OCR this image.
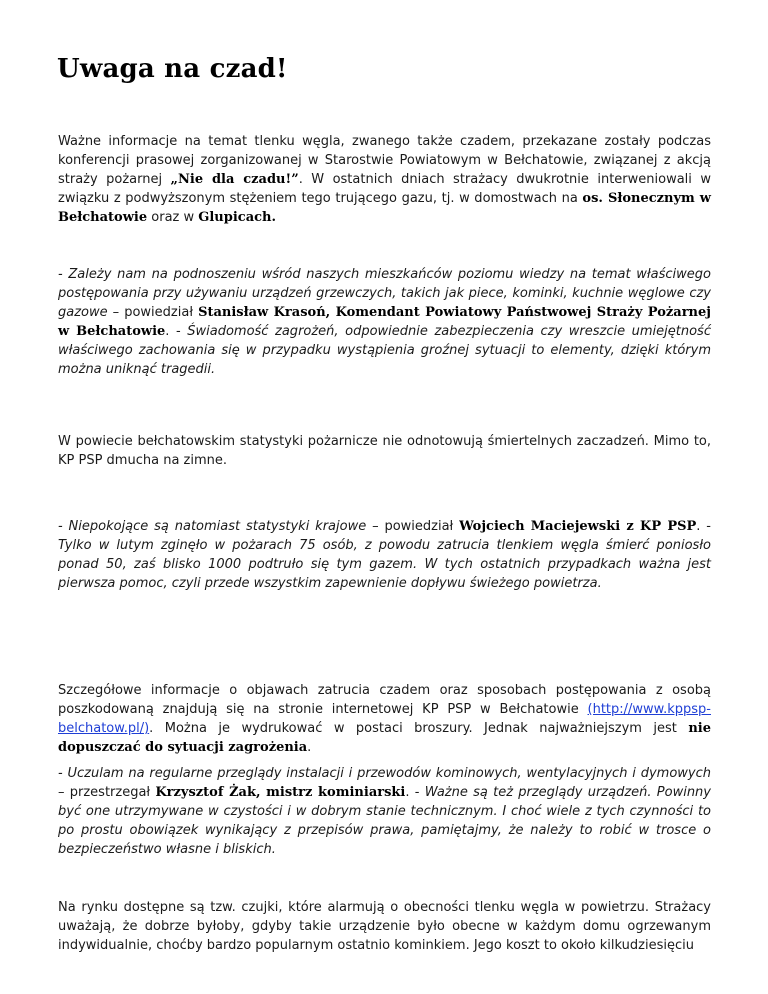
Uwaga na czad!

Ważne informacje na temat tlenku węgla, zwanego także czadem, przekazane zostały podczas konferencji prasowej zorganizowanej w Starostwie Powiatowym w Bełchatowie, związanej z akcją straży pożarnej „Nie dla czadu!”. W ostatnich dniach strażacy dwukrotnie interweniowali w związku z podwyższonym stężeniem tego trującego gazu, tj. w domostwach na os. Słonecznym w Bełchatowie oraz w Glupicach.

- Zależy nam na podnoszeniu wśród naszych mieszkańców poziomu wiedzy na temat właściwego postępowania przy używaniu urządzeń grzewczych, takich jak piece, kominki, kuchnie węglowe czy gazowe – powiedział Stanisław Krasoń, Komendant Powiatowy Państwowej Straży Pożarnej w Bełchatowie. - Świadomość zagrożeń, odpowiednie zabezpieczenia czy wreszcie umiejętność właściwego zachowania się w przypadku wystąpienia groźnej sytuacji to elementy, dzięki którym można uniknąć tragedii.

W powiecie bełchatowskim statystyki pożarnicze nie odnotowują śmiertelnych zaczadzeń. Mimo to, KP PSP dmucha na zimne.

- Niepokojące są natomiast statystyki krajowe – powiedział Wojciech Maciejewski z KP PSP. - Tylko w lutym zginęło w pożarach 75 osób, z powodu zatrucia tlenkiem węgla śmierć poniosło ponad 50, zaś blisko 1000 podtruło się tym gazem. W tych ostatnich przypadkach ważna jest pierwsza pomoc, czyli przede wszystkim zapewnienie dopływu świeżego powietrza.

Szczegółowe informacje o objawach zatrucia czadem oraz sposobach postępowania z osobą poszkodowaną znajdują się na stronie internetowej KP PSP w Bełchatowie (http://www.kppsp-belchatow.pl/). Można je wydrukować w postaci broszury. Jednak najważniejszym jest nie dopuszczać do sytuacji zagrożenia.

- Uczulam na regularne przeglądy instalacji i przewodów kominowych, wentylacyjnych i dymowych – przestrzegał Krzysztof Żak, mistrz kominiarski. - Ważne są też przeglądy urządzeń. Powinny być one utrzymywane w czystości i w dobrym stanie technicznym. I choć wiele z tych czynności to po prostu obowiązek wynikający z przepisów prawa, pamiętajmy, że należy to robić w trosce o bezpieczeństwo własne i bliskich.

Na rynku dostępne są tzw. czujki, które alarmują o obecności tlenku węgla w powietrzu. Strażacy uważają, że dobrze byłoby, gdyby takie urządzenie było obecne w każdym domu ogrzewanym indywidualnie, choćby bardzo popularnym ostatnio kominkiem. Jego koszt to około kilkudziesięciu
